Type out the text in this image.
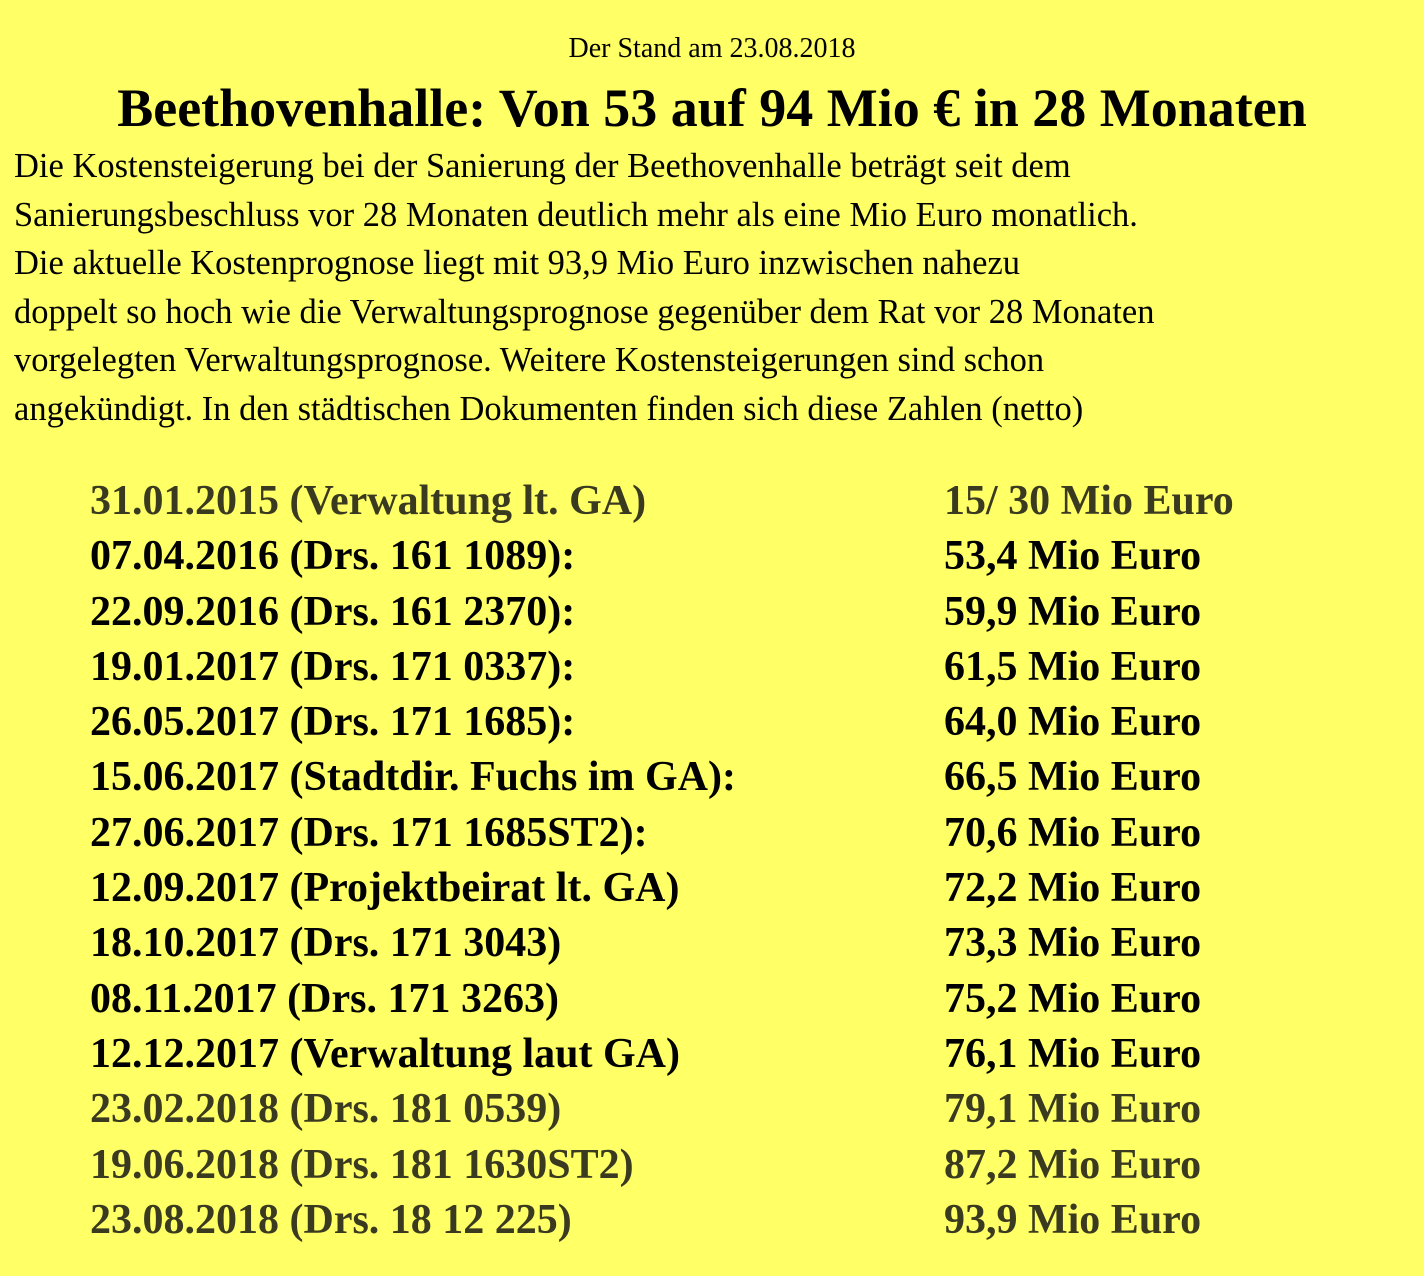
Der Stand am 23.08.2018
Beethovenhalle: Von 53 auf 94 Mio € in 28 Monaten

Die Kostensteigerung bei der Sanierung der Beethovenhalle beträgt seit dem
Sanierungsbeschluss vor 28 Monaten deutlich mehr als eine Mio Euro monatlich.
Die aktuelle Kostenprognose liegt mit 93,9 Mio Euro inzwischen nahezu
doppelt so hoch wie die Verwaltungsprognose gegenüber dem Rat vor 28 Monaten
vorgelegten Verwaltungsprognose. Weitere Kostensteigerungen sind schon
angekündigt. In den städtischen Dokumenten finden sich diese Zahlen (netto)

31.01.2015 (Verwaltung lt. GA)	15/ 30 Mio Euro
07.04.2016 (Drs. 161 1089):	53,4 Mio Euro
22.09.2016 (Drs. 161 2370):	59,9 Mio Euro
19.01.2017 (Drs. 171 0337):	61,5 Mio Euro
26.05.2017 (Drs. 171 1685):	64,0 Mio Euro
15.06.2017 (Stadtdir. Fuchs im GA):	66,5 Mio Euro
27.06.2017 (Drs. 171 1685ST2):	70,6 Mio Euro
12.09.2017 (Projektbeirat lt. GA)	72,2 Mio Euro
18.10.2017 (Drs. 171 3043)	73,3 Mio Euro
08.11.2017 (Drs. 171 3263)	75,2 Mio Euro
12.12.2017 (Verwaltung laut GA)	76,1 Mio Euro
23.02.2018 (Drs. 181 0539)	79,1 Mio Euro
19.06.2018 (Drs. 181 1630ST2)	87,2 Mio Euro
23.08.2018 (Drs. 18 12 225)	93,9 Mio Euro
